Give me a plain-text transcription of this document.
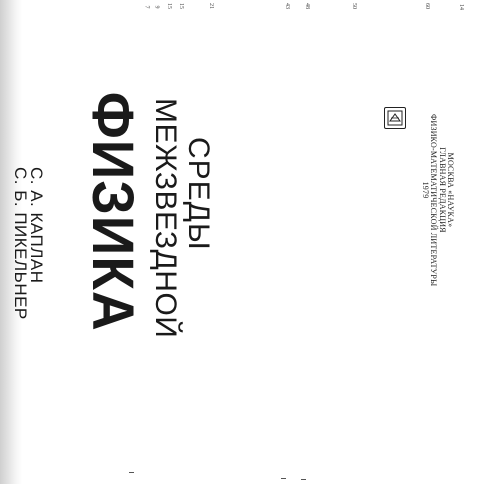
7 9 15 15	21	43 48	50	60	14
С. А. КАПЛАН
С. Б. ПИКЕЛЬНЕР ФИЗИКА МЕЖЗВЕЗДНОЙ СРЕДЫ	МОСКВА «НАУКА»
ГЛАВНАЯ РЕДАКЦИЯ
ФИЗИКО-МАТЕМАТИЧЕСКОЙ ЛИТЕРАТУРЫ
1979
